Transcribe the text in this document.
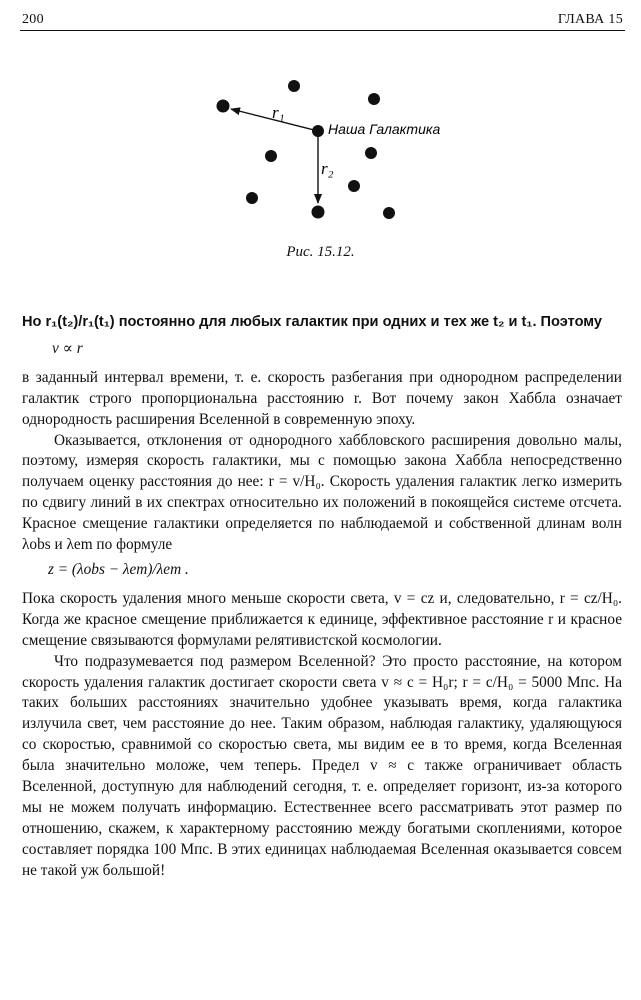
200	ГЛАВА 15
r₁
r₂
Наша Галактика
Рис. 15.12.

Но r₁(t₂)/r₁(t₁) постоянно для любых галактик при одних и тех же t₂ и t₁. Поэтому

v ∝ r

в заданный интервал времени, т. е. скорость разбегания при однородном распределении галактик строго пропорциональна расстоянию r. Вот почему закон Хаббла означает однородность расширения Вселенной в современную эпоху.

Оказывается, отклонения от однородного хаббловского расширения довольно малы, поэтому, измеряя скорость галактики, мы с помощью закона Хаббла непосредственно получаем оценку расстояния до нее: r = v/H₀. Скорость удаления галактик легко измерить по сдвигу линий в их спектрах относительно их положений в покоящейся системе отсчета. Красное смещение галактики определяется по наблюдаемой и собственной длинам волн λobs и λem по формуле

z = (λobs − λem)/λem .

Пока скорость удаления много меньше скорости света, v = cz и, следовательно, r = cz/H₀. Когда же красное смещение приближается к единице, эффективное расстояние r и красное смещение связываются формулами релятивистской космологии.

Что подразумевается под размером Вселенной? Это просто расстояние, на котором скорость удаления галактик достигает скорости света v ≈ c = H₀r; r = c/H₀ = 5000 Мпс. На таких больших расстояниях значительно удобнее указывать время, когда галактика излучила свет, чем расстояние до нее. Таким образом, наблюдая галактику, удаляющуюся со скоростью, сравнимой со скоростью света, мы видим ее в то время, когда Вселенная была значительно моложе, чем теперь. Предел v ≈ c также ограничивает область Вселенной, доступную для наблюдений сегодня, т. е. определяет горизонт, из-за которого мы не можем получать информацию. Естественнее всего рассматривать этот размер по отношению, скажем, к характерному расстоянию между богатыми скоплениями, которое составляет порядка 100 Мпс. В этих единицах наблюдаемая Вселенная оказывается совсем не такой уж большой!
